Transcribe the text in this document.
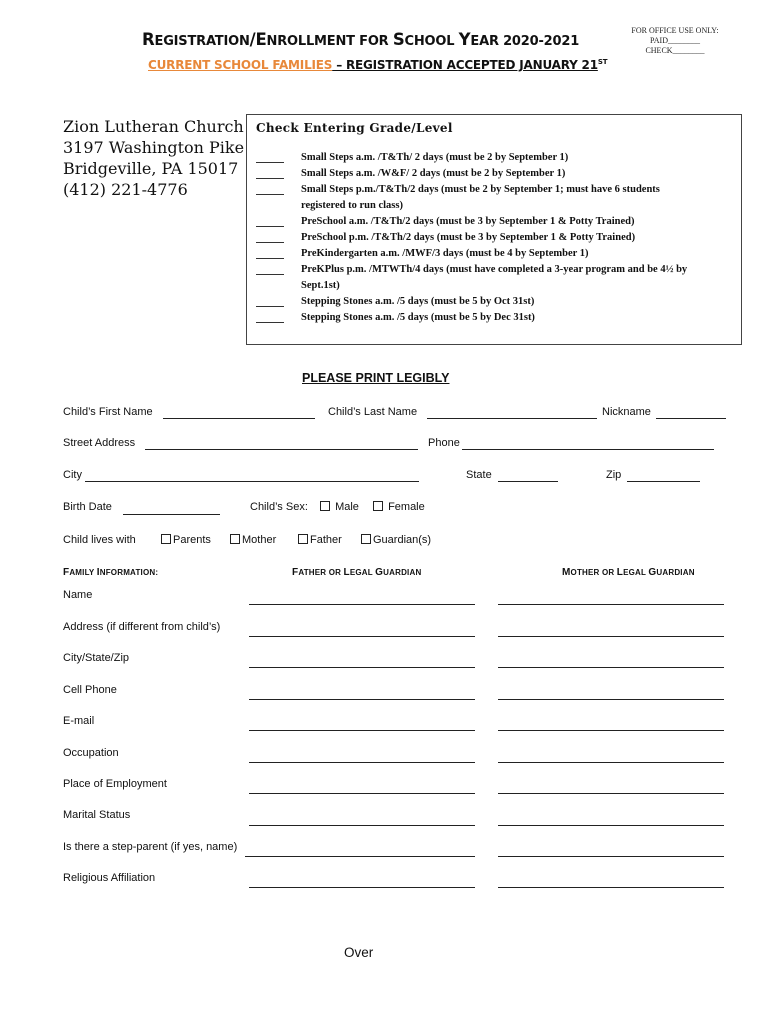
REGISTRATION/ENROLLMENT FOR SCHOOL YEAR 2020-2021
FOR OFFICE USE ONLY:
PAID________ CHECK________
CURRENT SCHOOL FAMILIES – REGISTRATION ACCEPTED JANUARY 21ST
Zion Lutheran Church
3197 Washington Pike
Bridgeville, PA 15017
(412) 221-4776
Check Entering Grade/Level
Small Steps a.m. /T&Th/ 2 days (must be 2 by September 1)
Small Steps a.m. /W&F/ 2 days (must be 2 by September 1)
Small Steps p.m./T&Th/2 days (must be 2 by September 1; must have 6 students
registered to run class)
PreSchool a.m. /T&Th/2 days (must be 3 by September 1 & Potty Trained)
PreSchool p.m. /T&Th/2 days (must be 3 by September 1 & Potty Trained)
PreKindergarten a.m. /MWF/3 days (must be 4 by September 1)
PreKPlus p.m. /MTWTh/4 days (must have completed a 3-year program and be 4½ by
Sept.1st)
Stepping Stones a.m. /5 days (must be 5 by Oct 31st)
Stepping Stones a.m. /5 days (must be 5 by Dec 31st)
PLEASE PRINT LEGIBLY
Child’s First Name	Child’s Last Name	Nickname
Street Address	Phone
City	State	Zip
Birth Date	Child’s Sex:	Male	Female
Child lives with	Parents	Mother	Father	Guardian(s)
FAMILY INFORMATION:	FATHER OR LEGAL GUARDIAN	MOTHER OR LEGAL GUARDIAN
Name
Address (if different from child’s)
City/State/Zip
Cell Phone
E-mail
Occupation
Place of Employment
Marital Status
Is there a step-parent (if yes, name)
Religious Affiliation
Over
